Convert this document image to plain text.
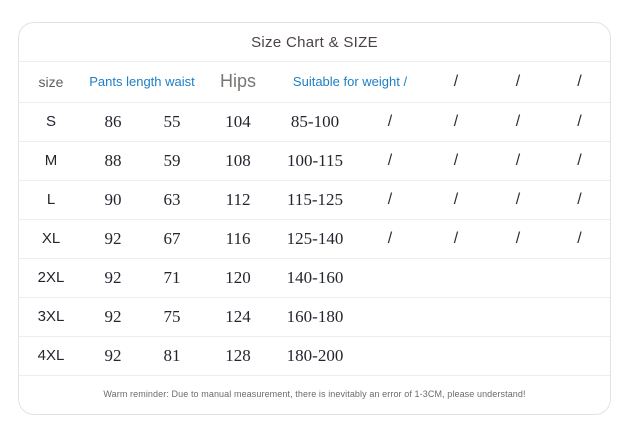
Size Chart & SIZE
size	Pants length waist		Hips	Suitable for weight /		/	/	/
S	86	55	104	85-100	/	/	/	/
M	88	59	108	100-115	/	/	/	/
L	90	63	112	115-125	/	/	/	/
XL	92	67	116	125-140	/	/	/	/
2XL	92	71	120	140-160				
3XL	92	75	124	160-180				
4XL	92	81	128	180-200				
Warm reminder: Due to manual measurement, there is inevitably an error of 1-3CM, please understand!
